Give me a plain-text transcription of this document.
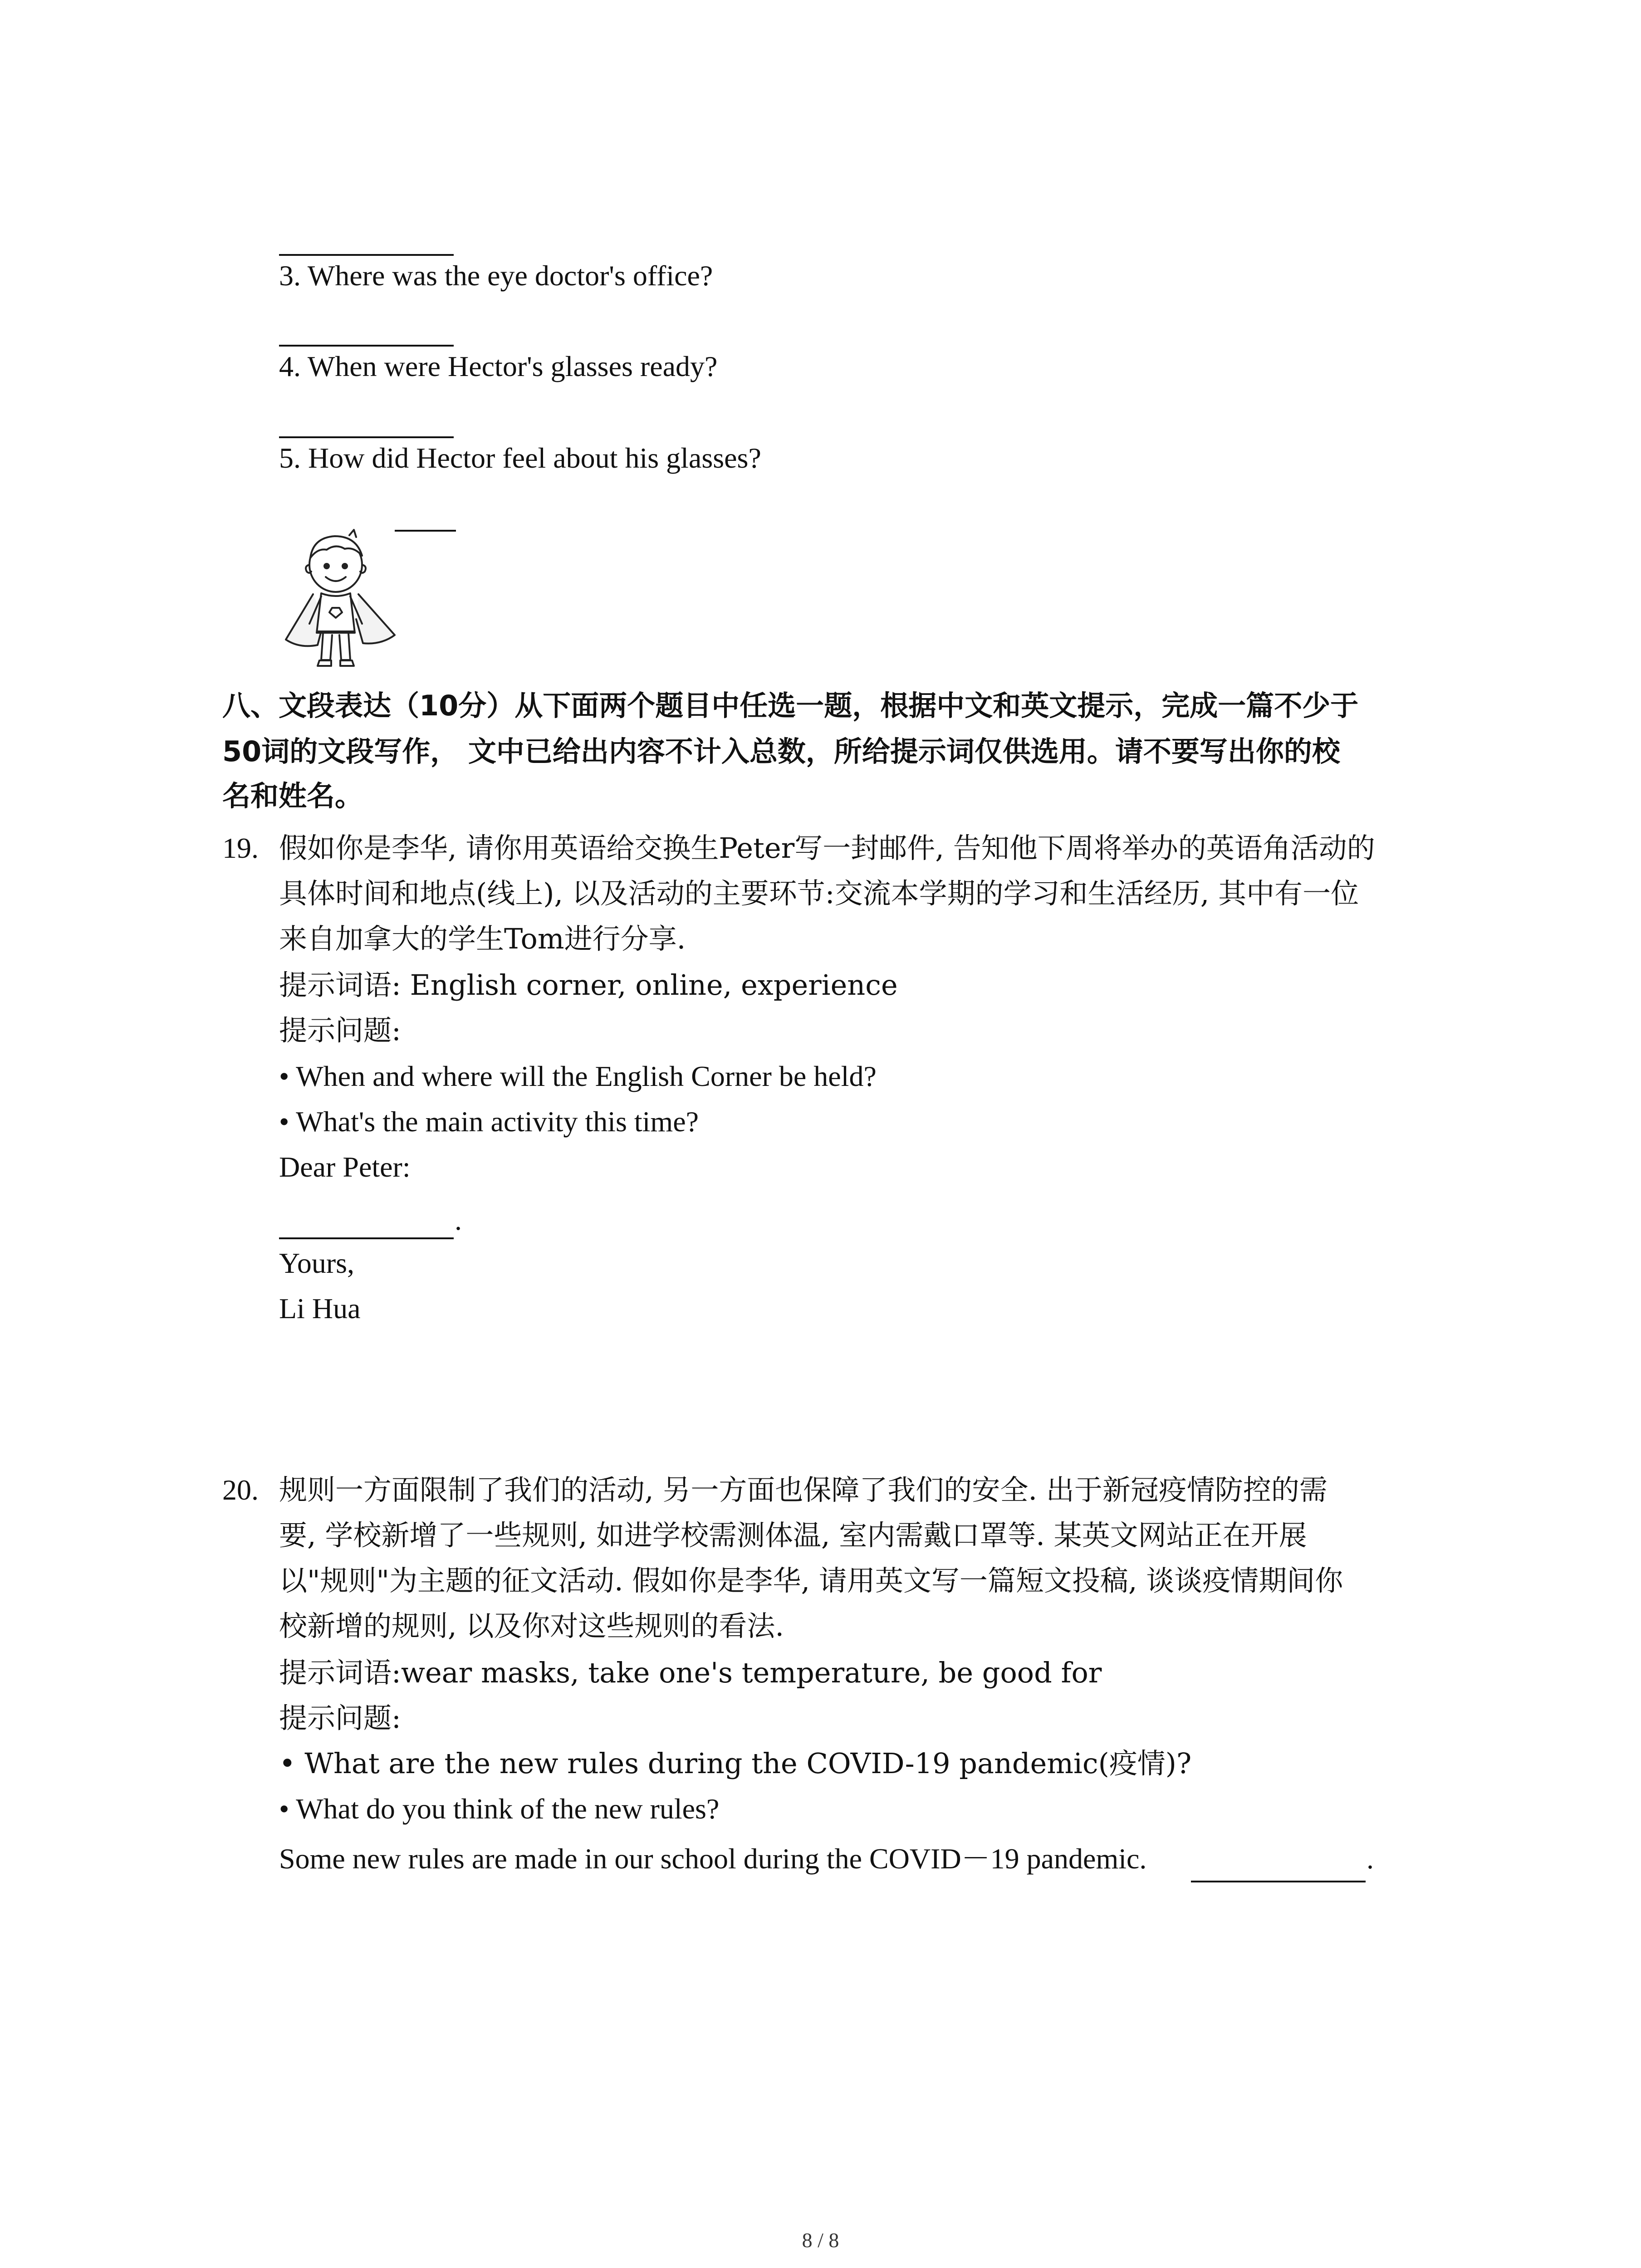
3. Where was the eye doctor's office?
4. When were Hector's glasses ready?
5. How did Hector feel about his glasses?
八、文段表达（10分）从下面两个题目中任选一题，根据中文和英文提示，完成一篇不少于
50词的文段写作， 文中已给出内容不计入总数，所给提示词仅供选用。请不要写出你的校
名和姓名。
19. 假如你是李华, 请你用英语给交换生Peter写一封邮件, 告知他下周将举办的英语角活动的
具体时间和地点(线上), 以及活动的主要环节:交流本学期的学习和生活经历, 其中有一位
来自加拿大的学生Tom进行分享.
提示词语: English corner, online, experience
提示问题:
• When and where will the English Corner be held?
• What's the main activity this time?
Dear Peter:
.
Yours,
Li Hua
20. 规则一方面限制了我们的活动, 另一方面也保障了我们的安全. 出于新冠疫情防控的需
要, 学校新增了一些规则, 如进学校需测体温, 室内需戴口罩等. 某英文网站正在开展
以"规则"为主题的征文活动. 假如你是李华, 请用英文写一篇短文投稿, 谈谈疫情期间你
校新增的规则, 以及你对这些规则的看法.
提示词语:wear masks, take one's temperature, be good for
提示问题:
• What are the new rules during the COVID-19 pandemic(疫情)?
• What do you think of the new rules?
Some new rules are made in our school during the COVID－19 pandemic.	.
8 / 8
